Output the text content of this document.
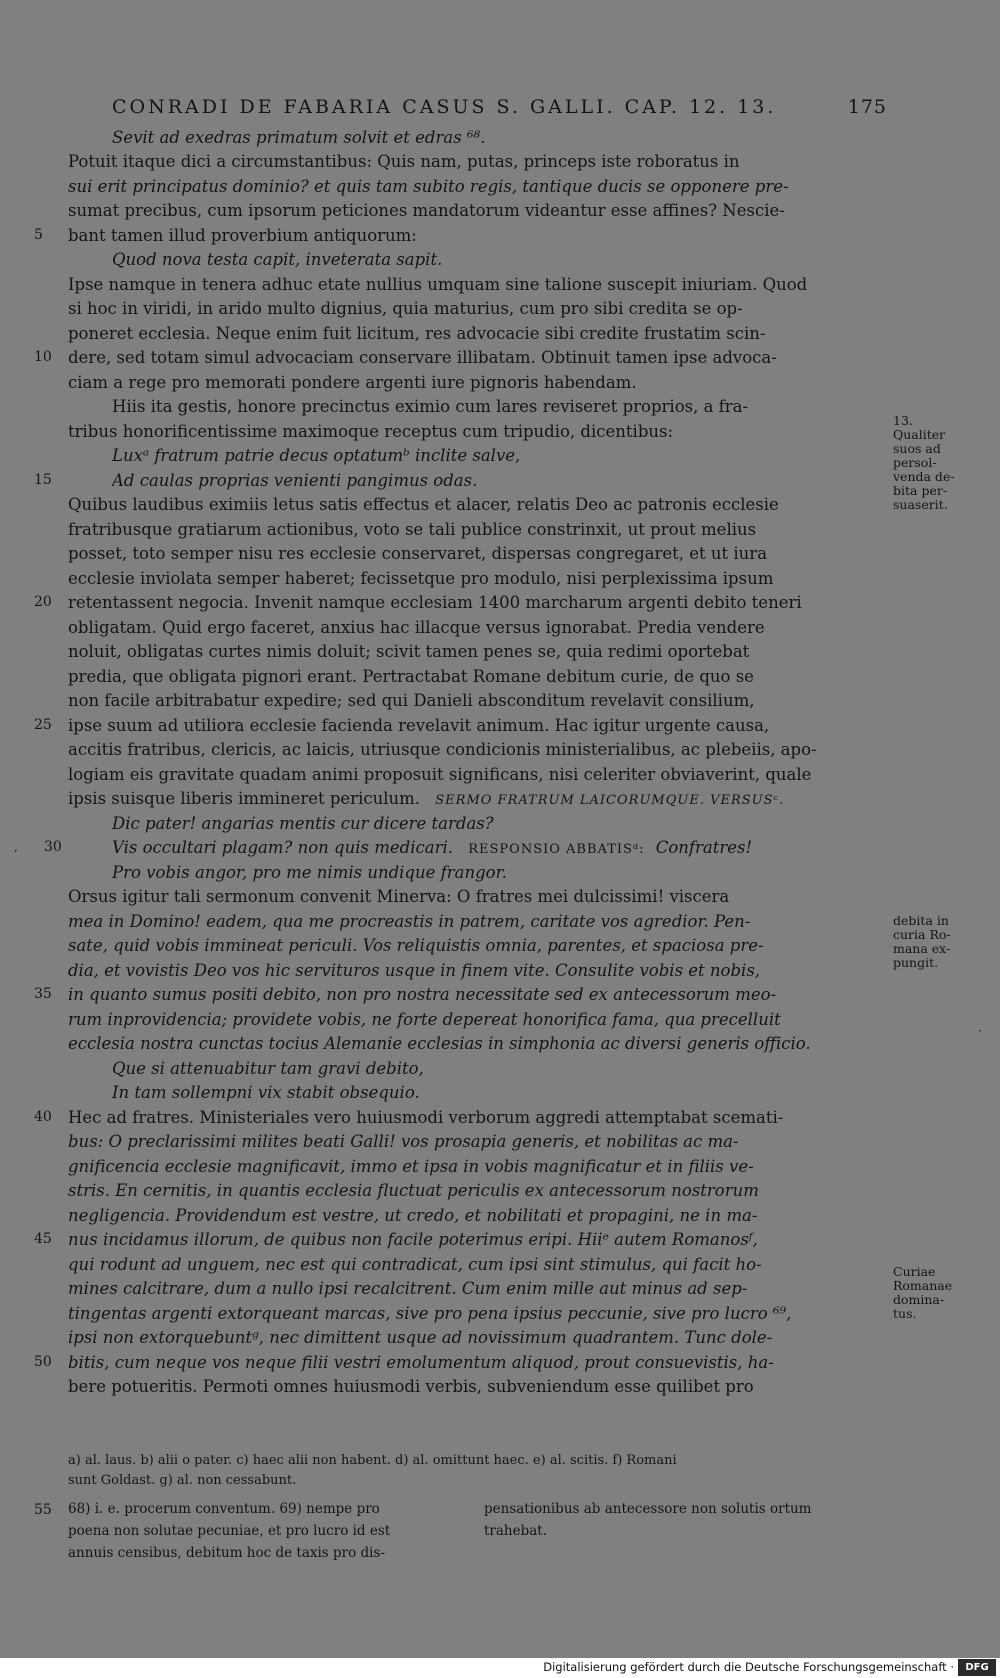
CONRADI DE FABARIA CASUS S. GALLI. CAP. 12. 13.	175
Sevit ad exedras primatum solvit et edras ⁶⁸.
Potuit itaque dici a circumstantibus: Quis nam, putas, princeps iste roboratus in
sui erit principatus dominio? et quis tam subito regis, tantique ducis se opponere pre-
sumat precibus, cum ipsorum peticiones mandatorum videantur esse affines? Nescie-
bant tamen illud proverbium antiquorum:
Quod nova testa capit, inveterata sapit.
Ipse namque in tenera adhuc etate nullius umquam sine talione suscepit iniuriam. Quod
si hoc in viridi, in arido multo dignius, quia maturius, cum pro sibi credita se op-
poneret ecclesia. Neque enim fuit licitum, res advocacie sibi credite frustatim scin-
dere, sed totam simul advocaciam conservare illibatam. Obtinuit tamen ipse advoca-
ciam a rege pro memorati pondere argenti iure pignoris habendam.
Hiis ita gestis, honore precinctus eximio cum lares reviseret proprios, a fra-
tribus honorificentissime maximoque receptus cum tripudio, dicentibus:
Luxᵃ fratrum patrie decus optatumᵇ inclite salve,
Ad caulas proprias venienti pangimus odas.
Quibus laudibus eximiis letus satis effectus et alacer, relatis Deo ac patronis ecclesie
fratribusque gratiarum actionibus, voto se tali publice constrinxit, ut prout melius
posset, toto semper nisu res ecclesie conservaret, dispersas congregaret, et ut iura
ecclesie inviolata semper haberet; fecissetque pro modulo, nisi perplexissima ipsum
retentassent negocia. Invenit namque ecclesiam 1400 marcharum argenti debito teneri
obligatam. Quid ergo faceret, anxius hac illacque versus ignorabat. Predia vendere
noluit, obligatas curtes nimis doluit; scivit tamen penes se, quia redimi oportebat
predia, que obligata pignori erant. Pertractabat Romane debitum curie, de quo se
non facile arbitrabatur expedire; sed qui Danieli absconditum revelavit consilium,
ipse suum ad utiliora ecclesie facienda revelavit animum. Hac igitur urgente causa,
accitis fratribus, clericis, ac laicis, utriusque condicionis ministerialibus, ac plebeiis, apo-
logiam eis gravitate quadam animi proposuit significans, nisi celeriter obviaverint, quale
ipsis suisque liberis immineret periculum. SERMO FRATRUM LAICORUMQUE. VERSUSᶜ.
Dic pater! angarias mentis cur dicere tardas?
Vis occultari plagam? non quis medicari. RESPONSIO ABBATISᵈ: Confratres!
Pro vobis angor, pro me nimis undique frangor.
Orsus igitur tali sermonum convenit Minerva: O fratres mei dulcissimi! viscera
mea in Domino! eadem, qua me procreastis in patrem, caritate vos agredior. Pen-
sate, quid vobis immineat periculi. Vos reliquistis omnia, parentes, et spaciosa pre-
dia, et vovistis Deo vos hic servituros usque in finem vite. Consulite vobis et nobis,
in quanto sumus positi debito, non pro nostra necessitate sed ex antecessorum meo-
rum inprovidencia; providete vobis, ne forte depereat honorifica fama, qua precelluit
ecclesia nostra cunctas tocius Alemanie ecclesias in simphonia ac diversi generis officio.
Que si attenuabitur tam gravi debito,
In tam sollempni vix stabit obsequio.
Hec ad fratres. Ministeriales vero huiusmodi verborum aggredi attemptabat scemati-
bus: O preclarissimi milites beati Galli! vos prosapia generis, et nobilitas ac ma-
gnificencia ecclesie magnificavit, immo et ipsa in vobis magnificatur et in filiis ve-
stris. En cernitis, in quantis ecclesia fluctuat periculis ex antecessorum nostrorum
negligencia. Providendum est vestre, ut credo, et nobilitati et propagini, ne in ma-
nus incidamus illorum, de quibus non facile poterimus eripi. Hiiᵉ autem Romanosᶠ,
qui rodunt ad unguem, nec est qui contradicat, cum ipsi sint stimulus, qui facit ho-
mines calcitrare, dum a nullo ipsi recalcitrent. Cum enim mille aut minus ad sep-
tingentas argenti extorqueant marcas, sive pro pena ipsius peccunie, sive pro lucro ⁶⁹,
ipsi non extorquebuntᵍ, nec dimittent usque ad novissimum quadrantem. Tunc dole-
bitis, cum neque vos neque filii vestri emolumentum aliquod, prout consuevistis, ha-
bere potueritis. Permoti omnes huiusmodi verbis, subveniendum esse quilibet pro
5
10
15
20
25
30
35
40
45
50
55
,
·
13.
Qualiter
suos ad
persol-
venda de-
bita per-
suaserit.
debita in
curia Ro-
mana ex-
pungit.
Curiae
Romanae
domina-
tus.
a) al. laus. b) alii o pater. c) haec alii non habent. d) al. omittunt haec. e) al. scitis. f) Romani
sunt Goldast. g) al. non cessabunt.
68) i. e. procerum conventum. 69) nempe pro
poena non solutae pecuniae, et pro lucro id est
annuis censibus, debitum hoc de taxis pro dis-
pensationibus ab antecessore non solutis ortum
trahebat.
Digitalisierung gefördert durch die Deutsche Forschungsgemeinschaft ·	DFG
